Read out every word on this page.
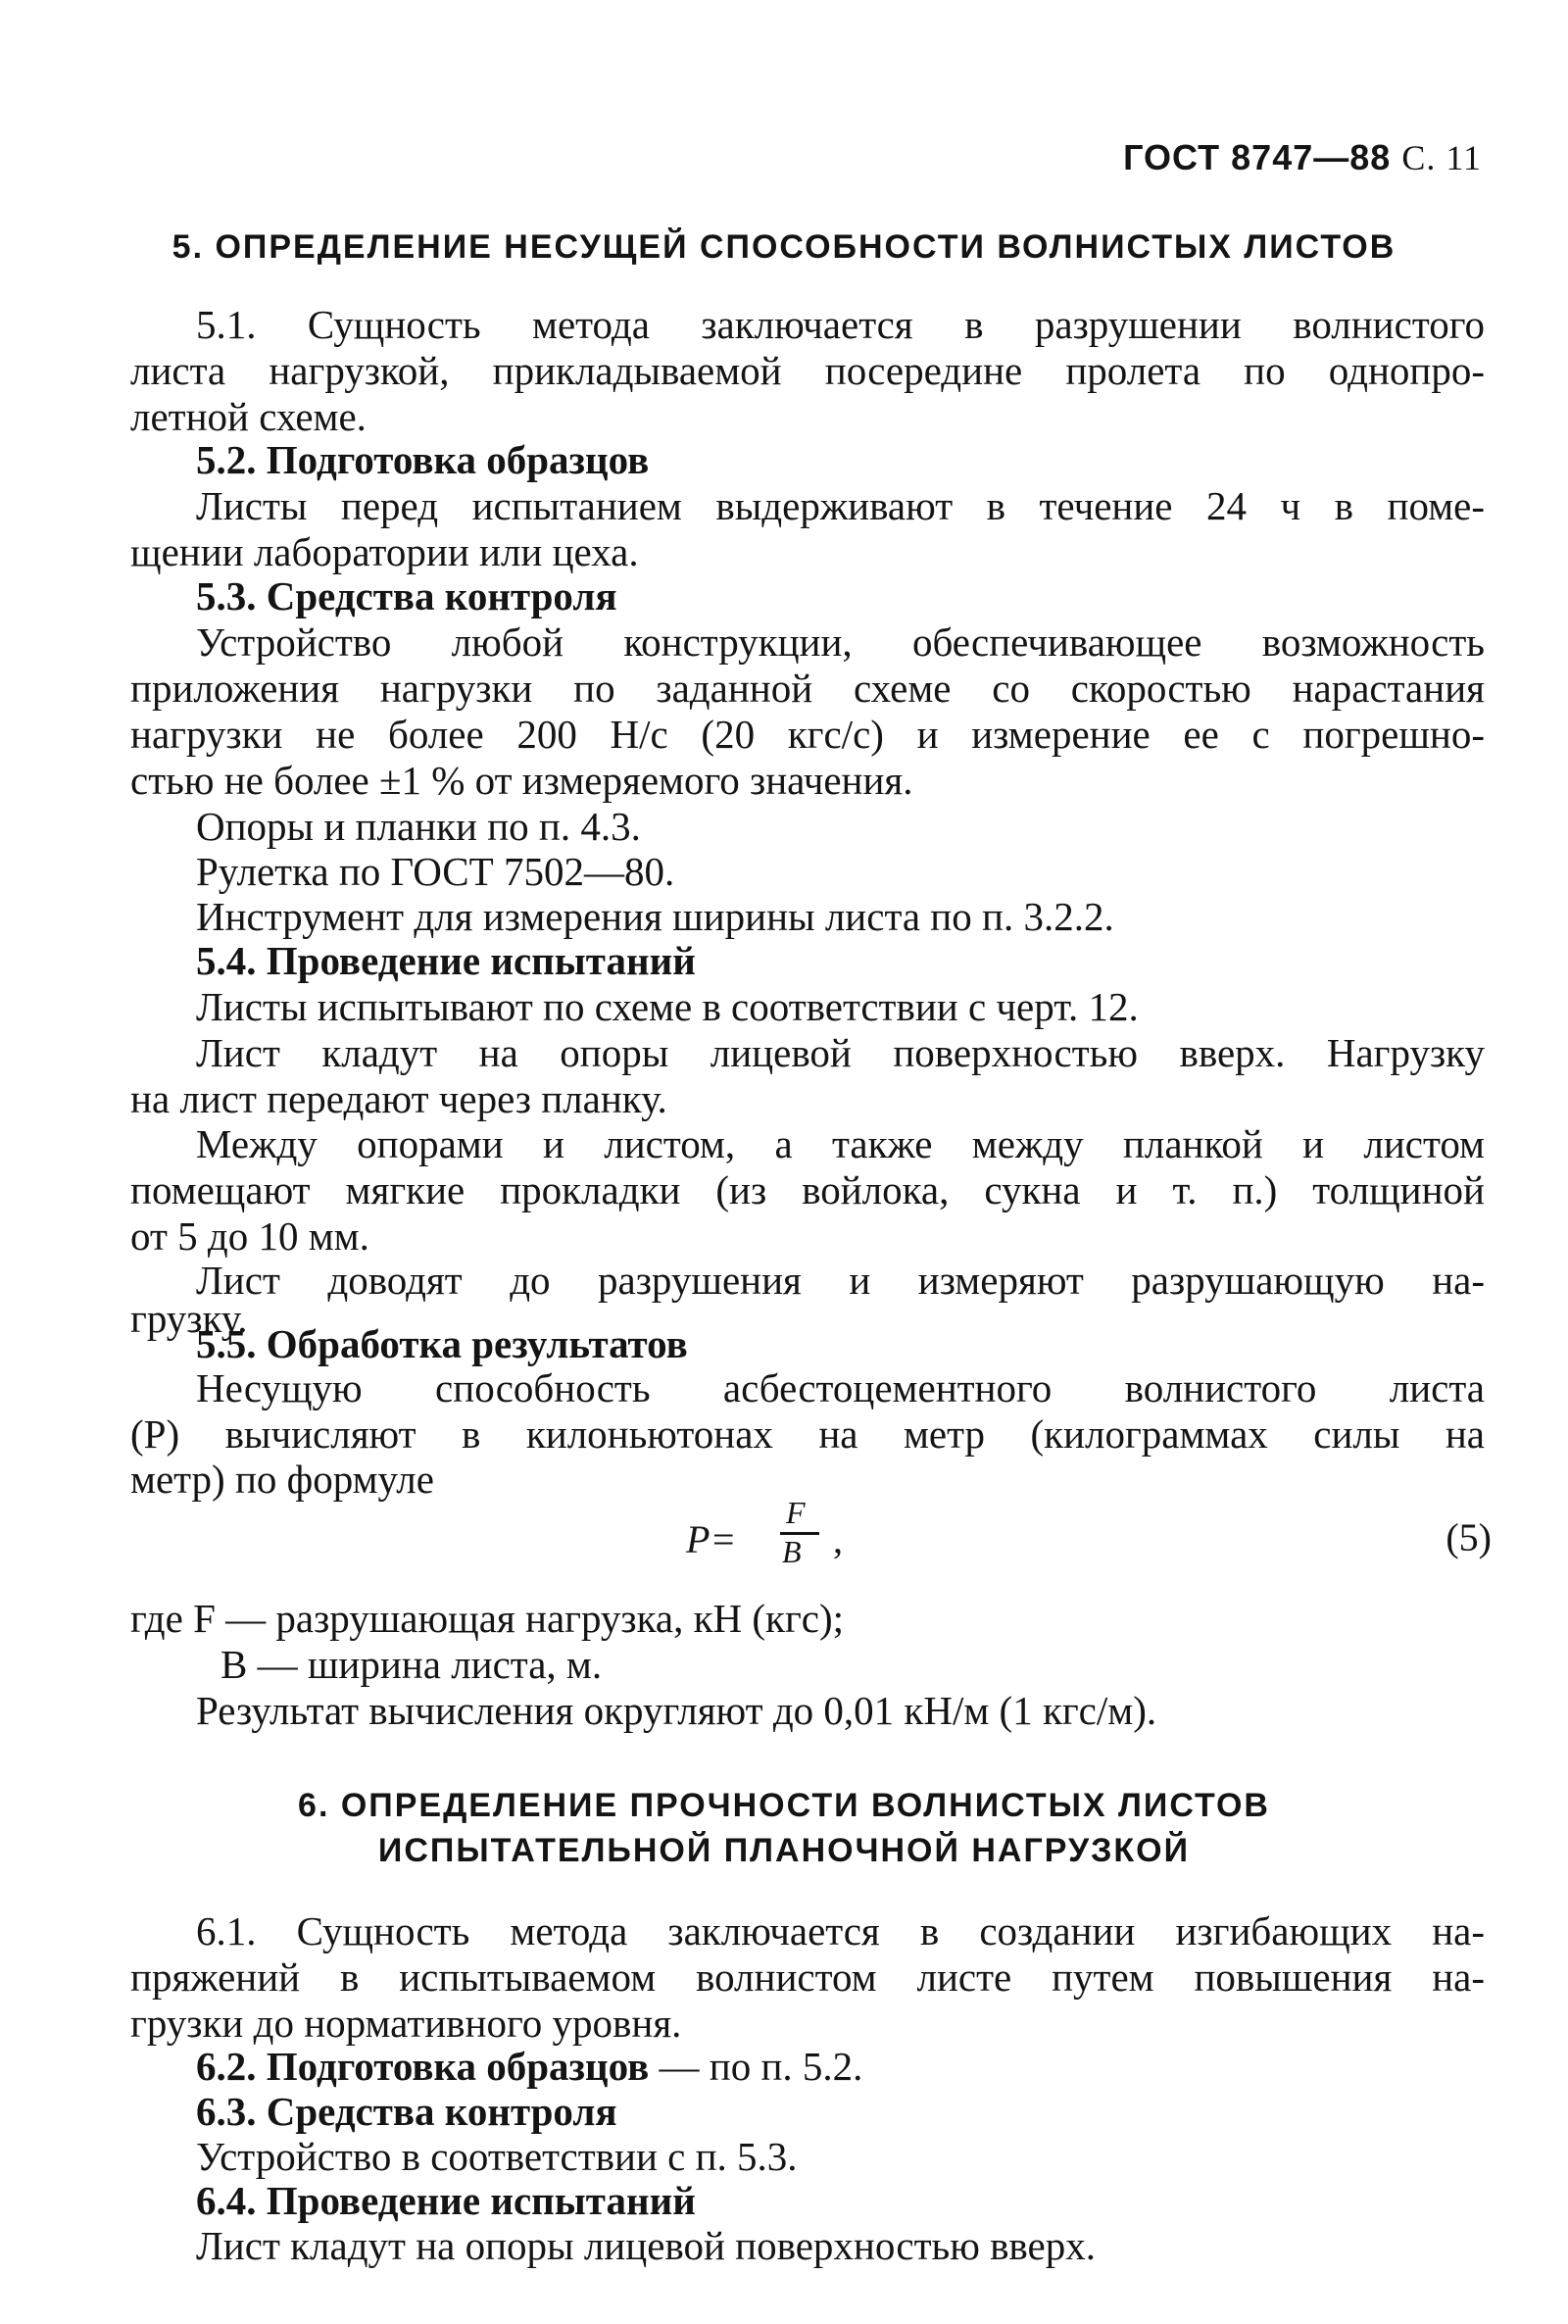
ГОСТ 8747—88 С. 11
5. ОПРЕДЕЛЕНИЕ НЕСУЩЕЙ СПОСОБНОСТИ ВОЛНИСТЫХ ЛИСТОВ
5.1. Сущность метода заключается в разрушении волнистого
листа нагрузкой, прикладываемой посередине пролета по однопро-
летной схеме.
5.2. Подготовка образцов
Листы перед испытанием выдерживают в течение 24 ч в поме-
щении лаборатории или цеха.
5.3. Средства контроля
Устройство любой конструкции, обеспечивающее возможность
приложения нагрузки по заданной схеме со скоростью нарастания
нагрузки не более 200 Н/с (20 кгс/с) и измерение ее с погрешно-
стью не более ±1 % от измеряемого значения.
Опоры и планки по п. 4.3.
Рулетка по ГОСТ 7502—80.
Инструмент для измерения ширины листа по п. 3.2.2.
5.4. Проведение испытаний
Листы испытывают по схеме в соответствии с черт. 12.
Лист кладут на опоры лицевой поверхностью вверх. Нагрузку
на лист передают через планку.
Между опорами и листом, а также между планкой и листом
помещают мягкие прокладки (из войлока, сукна и т. п.) толщиной
от 5 до 10 мм.
Лист доводят до разрушения и измеряют разрушающую на-
грузку.
5.5. Обработка результатов
Несущую способность асбестоцементного волнистого листа
(P) вычисляют в килоньютонах на метр (килограммах силы на
метр) по формуле
P=
F
B ,	(5)
где F — разрушающая нагрузка, кН (кгс);
B — ширина листа, м.
Результат вычисления округляют до 0,01 кН/м (1 кгс/м).
6. ОПРЕДЕЛЕНИЕ ПРОЧНОСТИ ВОЛНИСТЫХ ЛИСТОВ
ИСПЫТАТЕЛЬНОЙ ПЛАНОЧНОЙ НАГРУЗКОЙ
6.1. Сущность метода заключается в создании изгибающих на-
пряжений в испытываемом волнистом листе путем повышения на-
грузки до нормативного уровня.
6.2. Подготовка образцов — по п. 5.2.
6.3. Средства контроля
Устройство в соответствии с п. 5.3.
6.4. Проведение испытаний
Лист кладут на опоры лицевой поверхностью вверх.
